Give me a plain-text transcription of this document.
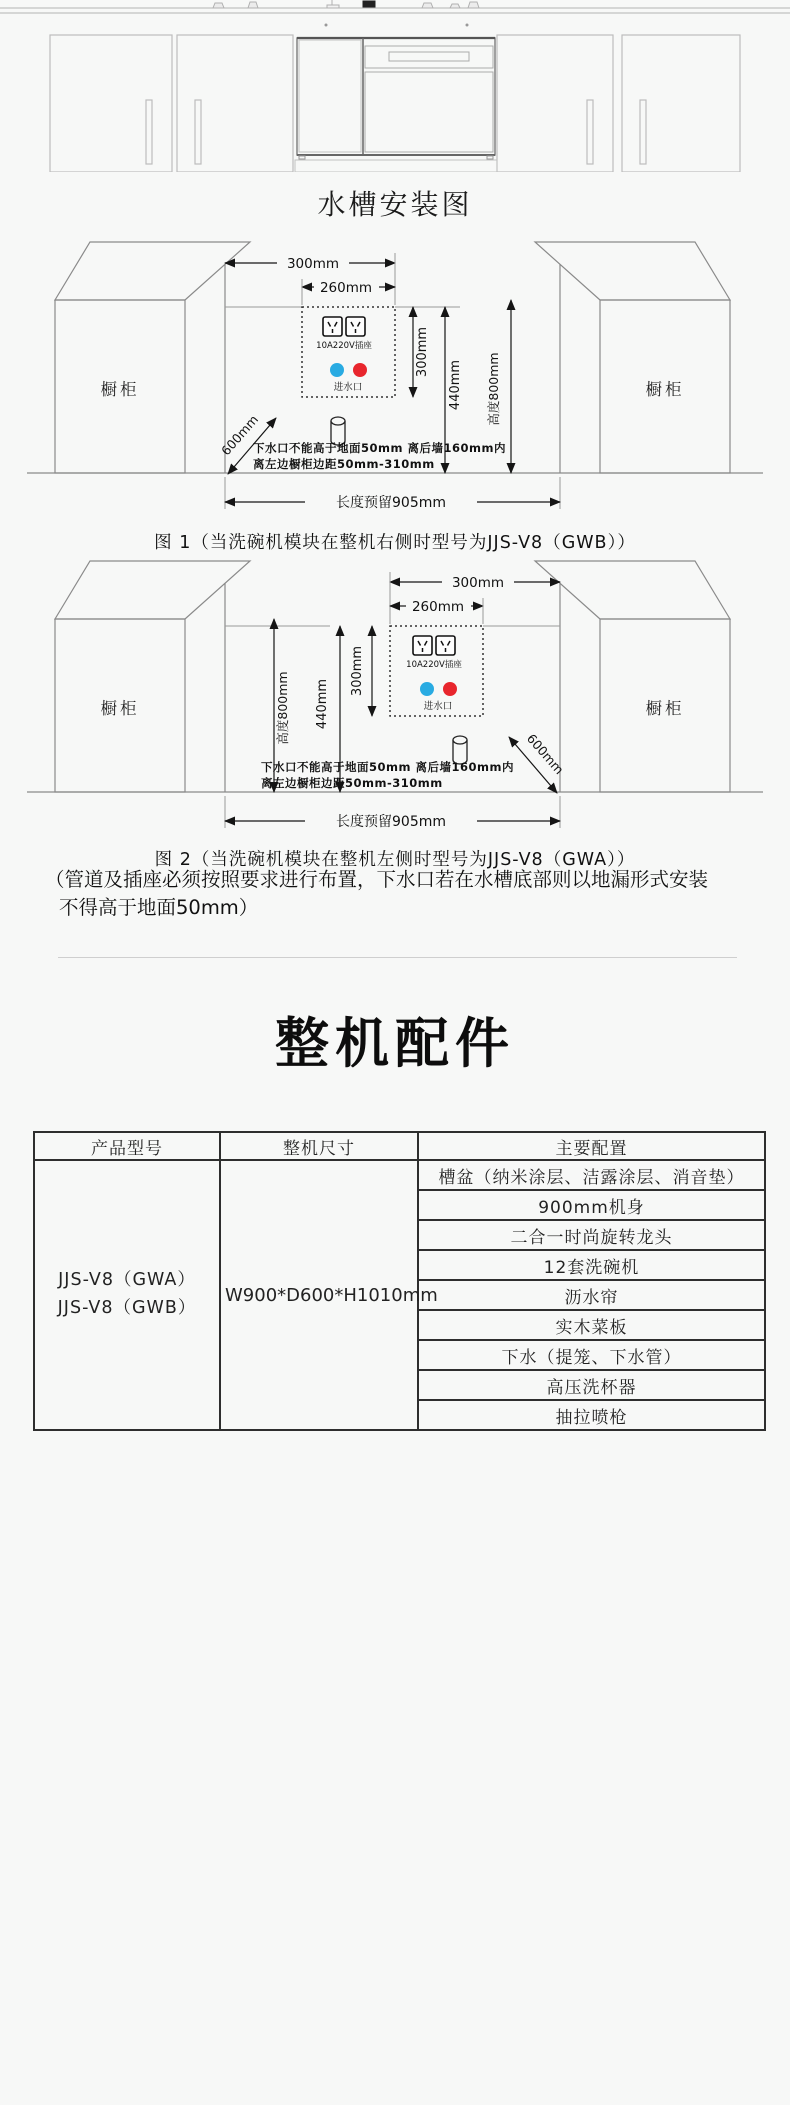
水槽安装图
橱柜	橱柜
10A220V插座
进水口
300mm
260mm
300mm
440mm 高度800mm
600mm
下水口不能高于地面50mm 离后墙160mm内
离左边橱柜边距50mm-310mm
长度预留905mm
图 1（当洗碗机模块在整机右侧时型号为JJS-V8（GWB））
橱柜	橱柜
10A220V插座
进水口
300mm
260mm
300mm
440mm
高度800mm
600mm
下水口不能高于地面50mm 离后墙160mm内
离左边橱柜边距50mm-310mm
长度预留905mm
图 2（当洗碗机模块在整机左侧时型号为JJS-V8（GWA））
（管道及插座必须按照要求进行布置，下水口若在水槽底部则以地漏形式安装
不得高于地面50mm）
整机配件
产品型号	整机尺寸	主要配置

JJS-V8（GWA）
JJS-V8（GWB）	W900*D600*H1010mm	槽盆（纳米涂层、洁露涂层、消音垫）
		900mm机身
		二合一时尚旋转龙头
		12套洗碗机
		沥水帘
		实木菜板
		下水（提笼、下水管）
		高压洗杯器
		抽拉喷枪
